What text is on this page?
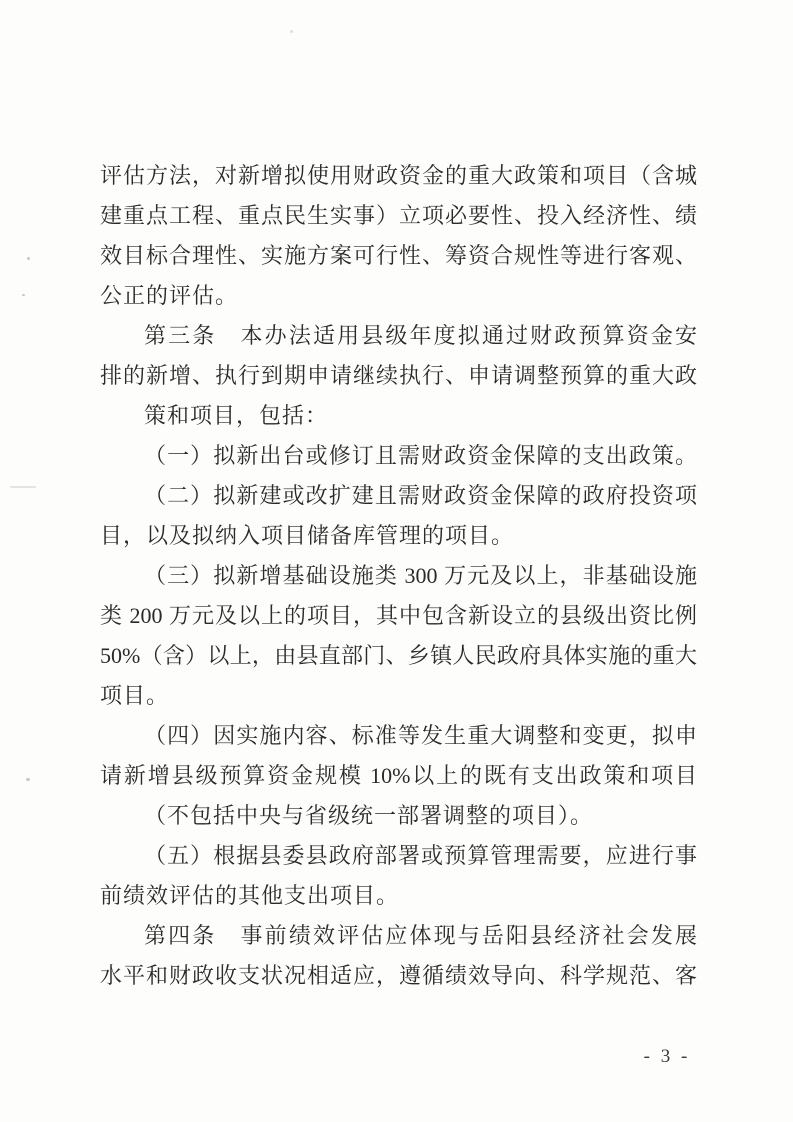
评估方法，对新增拟使用财政资金的重大政策和项目（含城
建重点工程、重点民生实事）立项必要性、投入经济性、绩
效目标合理性、实施方案可行性、筹资合规性等进行客观、
公正的评估。
第三条　本办法适用县级年度拟通过财政预算资金安
排的新增、执行到期申请继续执行、申请调整预算的重大政
策和项目，包括：
（一）拟新出台或修订且需财政资金保障的支出政策。
（二）拟新建或改扩建且需财政资金保障的政府投资项
目，以及拟纳入项目储备库管理的项目。
（三）拟新增基础设施类 300 万元及以上，非基础设施
类 200 万元及以上的项目，其中包含新设立的县级出资比例
50%（含）以上，由县直部门、乡镇人民政府具体实施的重大
项目。
（四）因实施内容、标准等发生重大调整和变更，拟申
请新增县级预算资金规模 10%以上的既有支出政策和项目
（不包括中央与省级统一部署调整的项目）。
（五）根据县委县政府部署或预算管理需要，应进行事
前绩效评估的其他支出项目。
第四条　事前绩效评估应体现与岳阳县经济社会发展
水平和财政收支状况相适应，遵循绩效导向、科学规范、客
- 3 -
